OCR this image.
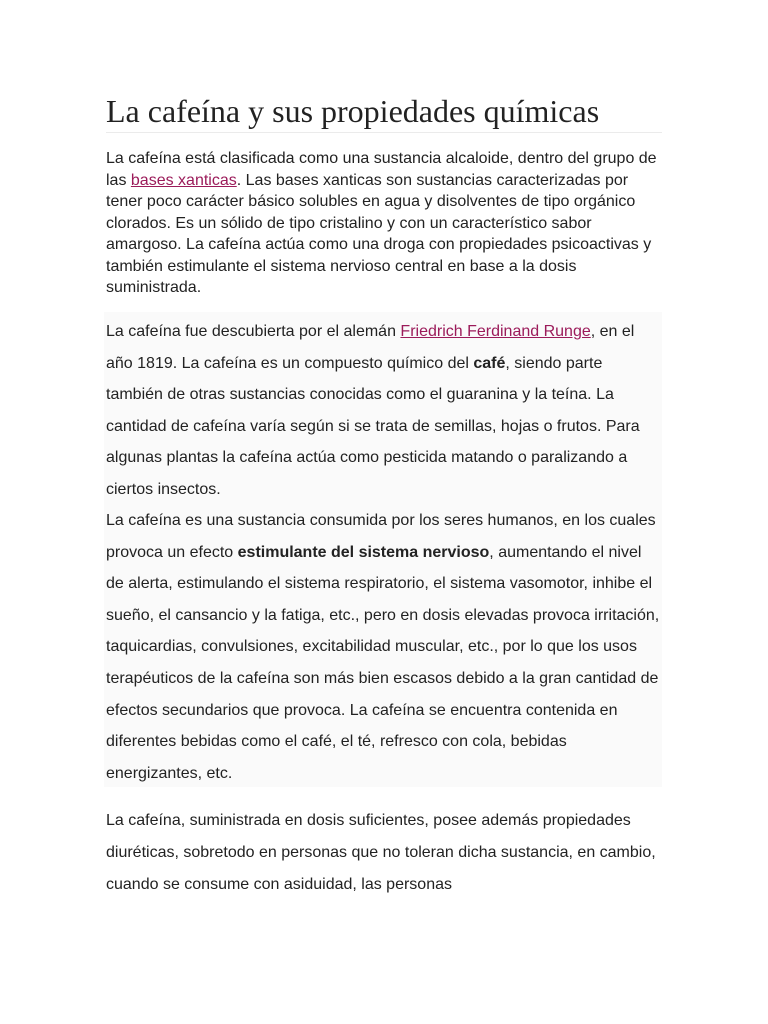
La cafeína y sus propiedades químicas

La cafeína está clasificada como una sustancia alcaloide, dentro del grupo de las bases xanticas. Las bases xanticas son sustancias caracterizadas por tener poco carácter básico solubles en agua y disolventes de tipo orgánico clorados. Es un sólido de tipo cristalino y con un característico sabor amargoso. La cafeína actúa como una droga con propiedades psicoactivas y también estimulante el sistema nervioso central en base a la dosis suministrada.

La cafeína fue descubierta por el alemán Friedrich Ferdinand Runge, en el año 1819. La cafeína es un compuesto químico del café, siendo parte también de otras sustancias conocidas como el guaranina y la teína. La cantidad de cafeína varía según si se trata de semillas, hojas o frutos. Para algunas plantas la cafeína actúa como pesticida matando o paralizando a ciertos insectos.

La cafeína es una sustancia consumida por los seres humanos, en los cuales provoca un efecto estimulante del sistema nervioso, aumentando el nivel de alerta, estimulando el sistema respiratorio, el sistema vasomotor, inhibe el sueño, el cansancio y la fatiga, etc., pero en dosis elevadas provoca irritación, taquicardias, convulsiones, excitabilidad muscular, etc., por lo que los usos terapéuticos de la cafeína son más bien escasos debido a la gran cantidad de efectos secundarios que provoca. La cafeína se encuentra contenida en diferentes bebidas como el café, el té, refresco con cola, bebidas energizantes, etc.

La cafeína, suministrada en dosis suficientes, posee además propiedades diuréticas, sobretodo en personas que no toleran dicha sustancia, en cambio, cuando se consume con asiduidad, las personas
